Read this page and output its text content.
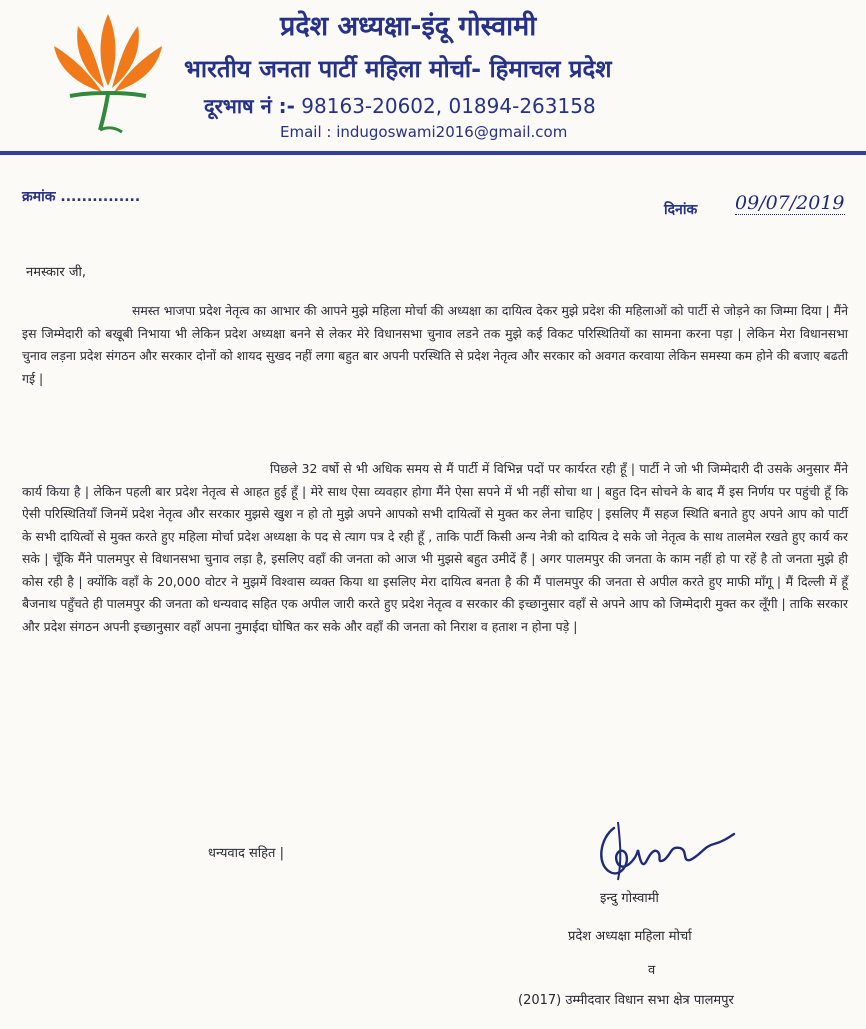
प्रदेश अध्यक्षा-इंदू गोस्वामी
भारतीय जनता पार्टी महिला मोर्चा- हिमाचल प्रदेश
दूरभाष नं :- 98163-20602, 01894-263158
Email : indugoswami2016@gmail.com
क्रमांक ...............
दिनांक 09/07/2019
नमस्कार जी,
समस्त भाजपा प्रदेश नेतृत्व का आभार की आपने मुझे महिला मोर्चा की अध्यक्षा का दायित्व देकर मुझे प्रदेश की महिलाओं को पार्टी से जोड़ने का जिम्मा दिया | मैंने इस जिम्मेदारी को बखूबी निभाया भी लेकिन प्रदेश अध्यक्षा बनने से लेकर मेरे विधानसभा चुनाव लडने तक मुझे कई विकट परिस्थितियों का सामना करना पड़ा | लेकिन मेरा विधानसभा चुनाव लड़ना प्रदेश संगठन और सरकार दोनों को शायद सुखद नहीं लगा बहुत बार अपनी परस्थिति से प्रदेश नेतृत्व और सरकार को अवगत करवाया लेकिन समस्या कम होने की बजाए बढती गई |
पिछले 32 वर्षो से भी अधिक समय से मैं पार्टी में विभिन्न पदों पर कार्यरत रही हूँ | पार्टी ने जो भी जिम्मेदारी दी उसके अनुसार मैंने कार्य किया है | लेकिन पहली बार प्रदेश नेतृत्व से आहत हुई हूँ | मेरे साथ ऐसा व्यवहार होगा मैंने ऐसा सपने में भी नहीं सोचा था | बहुत दिन सोचने के बाद मैं इस निर्णय पर पहुंची हूँ कि ऐसी परिस्थितियाँ जिनमें प्रदेश नेतृत्व और सरकार मुझसे खुश न हो तो मुझे अपने आपको सभी दायित्वों से मुक्त कर लेना चाहिए | इसलिए मैं सहज स्थिति बनाते हुए अपने आप को पार्टी के सभी दायित्वों से मुक्त करते हुए महिला मोर्चा प्रदेश अध्यक्षा के पद से त्याग पत्र दे रही हूँ , ताकि पार्टी किसी अन्य नेत्री को दायित्व दे सके जो नेतृत्व के साथ तालमेल रखते हुए कार्य कर सके | चूँकि मैंने पालमपुर से विधानसभा चुनाव लड़ा है, इसलिए वहाँ की जनता को आज भी मुझसे बहुत उमीदें हैं | अगर पालमपुर की जनता के काम नहीं हो पा रहें है तो जनता मुझे ही कोस रही है | क्योंकि वहाँ के 20,000 वोटर ने मुझमें विश्वास व्यक्त किया था इसलिए मेरा दायित्व बनता है की मैं पालमपुर की जनता से अपील करते हुए माफी माँगू | मैं दिल्ली में हूँ बैजनाथ पहुँचते ही पालमपुर की जनता को धन्यवाद सहित एक अपील जारी करते हुए प्रदेश नेतृत्व व सरकार की इच्छानुसार वहाँ से अपने आप को जिम्मेदारी मुक्त कर लूँगी | ताकि सरकार और प्रदेश संगठन अपनी इच्छानुसार वहाँ अपना नुमाईदा घोषित कर सके और वहाँ की जनता को निराश व हताश न होना पड़े |
धन्यवाद सहित |
इन्दु गोस्वामी
प्रदेश अध्यक्षा महिला मोर्चा
व
(2017) उम्मीदवार विधान सभा क्षेत्र पालमपुर
